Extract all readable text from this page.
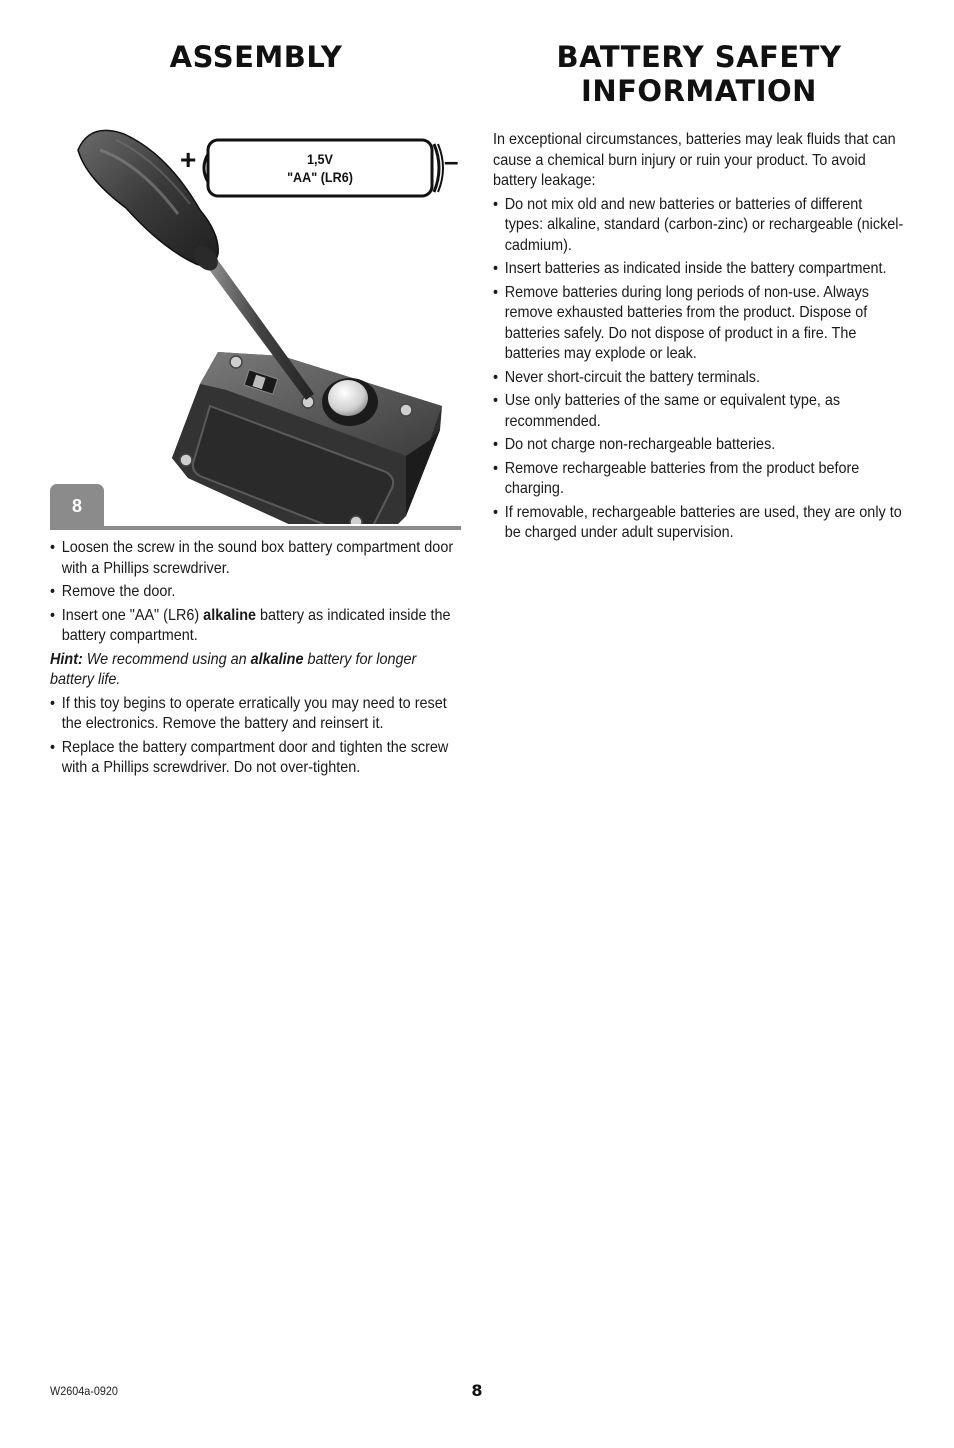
ASSEMBLY
+	–
1,5V
"AA" (LR6)
8
• Loosen the screw in the sound box battery compartment door with a Phillips screwdriver.
• Remove the door.
• Insert one "AA" (LR6) alkaline battery as indicated inside the battery compartment.
Hint: We recommend using an alkaline battery for longer battery life.
• If this toy begins to operate erratically you may need to reset the electronics. Remove the battery and reinsert it.
• Replace the battery compartment door and tighten the screw with a Phillips screwdriver. Do not over-tighten.
BATTERY SAFETY
INFORMATION
In exceptional circumstances, batteries may leak fluids that can cause a chemical burn injury or ruin your product. To avoid battery leakage:
• Do not mix old and new batteries or batteries of different types: alkaline, standard (carbon-zinc) or rechargeable (nickel-cadmium).
• Insert batteries as indicated inside the battery compartment.
• Remove batteries during long periods of non-use. Always remove exhausted batteries from the product. Dispose of batteries safely. Do not dispose of product in a fire. The batteries may explode or leak.
• Never short-circuit the battery terminals.
• Use only batteries of the same or equivalent type, as recommended.
• Do not charge non-rechargeable batteries.
• Remove rechargeable batteries from the product before charging.
• If removable, rechargeable batteries are used, they are only to be charged under adult supervision.
W2604a-0920	8
